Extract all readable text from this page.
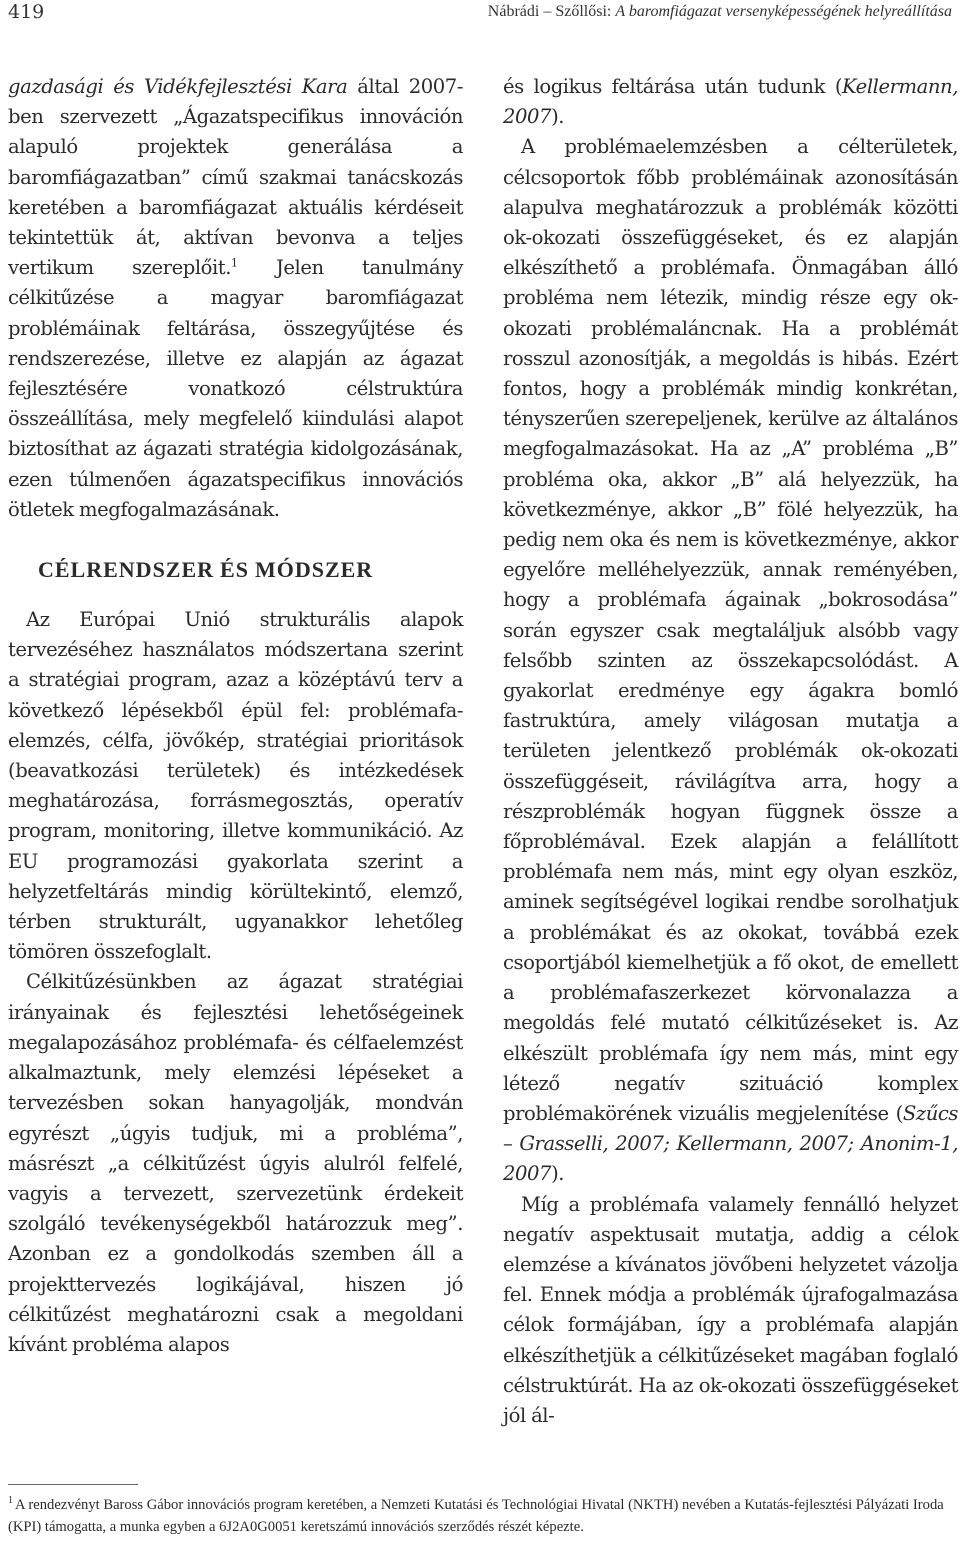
419	Nábrádi – Szőllősi: A baromfiágazat versenyképességének helyreállítása

gazdasági és Vidékfejlesztési Kara által 2007-ben szervezett „Ágazatspecifikus innováción alapuló projektek generálása a baromfiágazatban” című szakmai tanácskozás keretében a baromfiágazat aktuális kérdéseit tekintettük át, aktívan bevonva a teljes vertikum szereplőit.$^1$ Jelen tanulmány célkitűzése a magyar baromfiágazat problémáinak feltárása, összegyűjtése és rendszerezése, illetve ez alapján az ágazat fejlesztésére vonatkozó célstruktúra összeállítása, mely megfelelő kiindulási alapot biztosíthat az ágazati stratégia kidolgozásának, ezen túlmenően ágazatspecifikus innovációs ötletek megfogalmazásának.

CÉLRENDSZER ÉS MÓDSZER

Az Európai Unió strukturális alapok tervezéséhez használatos módszertana szerint a stratégiai program, azaz a középtávú terv a következő lépésekből épül fel: problémafa-elemzés, célfa, jövőkép, stratégiai prioritások (beavatkozási területek) és intézkedések meghatározása, forrásmegosztás, operatív program, monitoring, illetve kommunikáció. Az EU programozási gyakorlata szerint a helyzetfeltárás mindig körültekintő, elemző, térben strukturált, ugyanakkor lehetőleg tömören összefoglalt.

Célkitűzésünkben az ágazat stratégiai irányainak és fejlesztési lehetőségeinek megalapozásához problémafa- és célfaelemzést alkalmaztunk, mely elemzési lépéseket a tervezésben sokan hanyagolják, mondván egyrészt „úgyis tudjuk, mi a probléma”, másrészt „a célkitűzést úgyis alulról felfelé, vagyis a tervezett, szervezetünk érdekeit szolgáló tevékenységekből határozzuk meg”. Azonban ez a gondolkodás szemben áll a projekttervezés logikájával, hiszen jó célkitűzést meghatározni csak a megoldani kívánt probléma alapos

és logikus feltárása után tudunk (Kellermann, 2007).

A problémaelemzésben a célterületek, célcsoportok főbb problémáinak azonosításán alapulva meghatározzuk a problémák közötti ok-okozati összefüggéseket, és ez alapján elkészíthető a problémafa. Önmagában álló probléma nem létezik, mindig része egy ok-okozati problémaláncnak. Ha a problémát rosszul azonosítják, a megoldás is hibás. Ezért fontos, hogy a problémák mindig konkrétan, tényszerűen szerepeljenek, kerülve az általános megfogalmazásokat. Ha az „A” probléma „B” probléma oka, akkor „B” alá helyezzük, ha következménye, akkor „B” fölé helyezzük, ha pedig nem oka és nem is következménye, akkor egyelőre melléhelyezzük, annak reményében, hogy a problémafa ágainak „bokrosodása” során egyszer csak megtaláljuk alsóbb vagy felsőbb szinten az összekapcsolódást. A gyakorlat eredménye egy ágakra bomló fastruktúra, amely világosan mutatja a területen jelentkező problémák ok-okozati összefüggéseit, rávilágítva arra, hogy a részproblémák hogyan függnek össze a főproblémával. Ezek alapján a felállított problémafa nem más, mint egy olyan eszköz, aminek segítségével logikai rendbe sorolhatjuk a problémákat és az okokat, továbbá ezek csoportjából kiemelhetjük a fő okot, de emellett a problémafaszerkezet körvonalazza a megoldás felé mutató célkitűzéseket is. Az elkészült problémafa így nem más, mint egy létező negatív szituáció komplex problémakörének vizuális megjelenítése (Szűcs – Grasselli, 2007; Kellermann, 2007; Anonim-1, 2007).

Míg a problémafa valamely fennálló helyzet negatív aspektusait mutatja, addig a célok elemzése a kívánatos jövőbeni helyzetet vázolja fel. Ennek módja a problémák újrafogalmazása célok formájában, így a problémafa alapján elkészíthetjük a célkitűzéseket magában foglaló célstruktúrát. Ha az ok-okozati összefüggéseket jól ál-

$^1$ A rendezvényt Baross Gábor innovációs program keretében, a Nemzeti Kutatási és Technológiai Hivatal (NKTH) nevében a Kutatás-fejlesztési Pályázati Iroda (KPI) támogatta, a munka egyben a 6J2A0G0051 keretszámú innovációs szerződés részét képezte.
